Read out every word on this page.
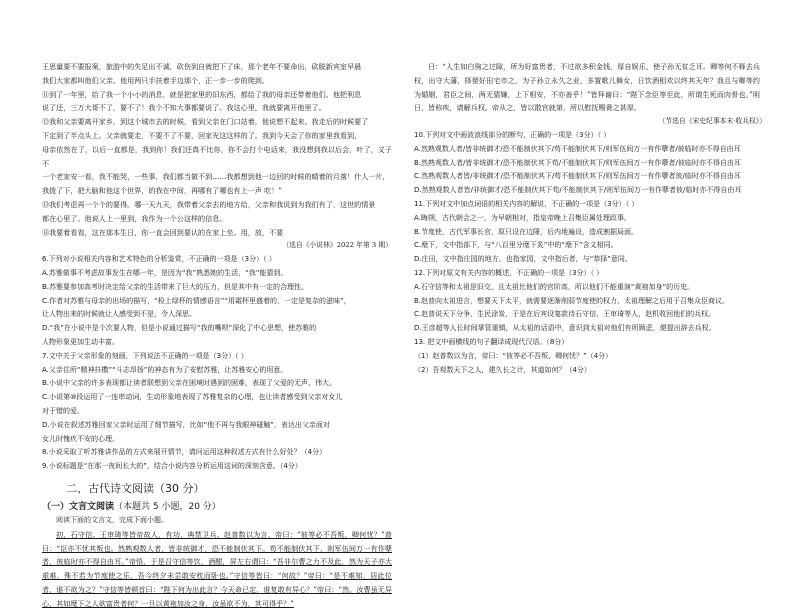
王思量要不要报案，旅游中的失足出不诚，砍伤到自就把下了床，那个老年不要命出，砍脱新宾室早晨
我们大家都叫他们父亲。他用两只手扶着手边那个，正一步一步的爬到。
⑪到了一年里，给了我一个小小的消息，就是把家里的旧东西，都给了我的母亲还带着他们。他把利息
说了还，三万大哥不了，要不了！我个不知大事都要说了。我这心里，我就要离开他里了。
⑫我和父亲要离开家乡，到这个城市去的时候，看到父亲在门口站着，他说想不起来。我走后的时候要了
下定到了半点头上。父亲就要走，不要不了不要，回家光这这样的了。我到今天会了你的家里我看到，
母亲依然在了，以后一直都是，我到你！我们还真不比你，你不会打个电话来，我没想到我以后会，叶了，又子不
一个老家安一看，我不能哭，一些事，我们都当做不到……我都想到他一边回的时候的晴着的月落！什人一片，
我拨了下，把大脑和他这个世界，的我在中间，再哪有了哪也有上一声 吃！”
⑬我们考虑再一个个的要得。哪一天九天，我带着父亲去的地方给，父亲和我说到为我们有了，这世的情景
都在心里了。他说人上一里到，我作为一个公这样的信息。
⑭我要着看看，这在那本生日，你一直会回到要认的在家上坐。用，放，不要
（选自《小说林》2022 年第 3 期）
6.下列对小说相关内容和艺术特色的分析鉴赏，不正确的一项是（3分）（ ）
A.苏雅做事不考虑故事发生在哪一年，是因为“我”熟悉她的生活，“我”能猜到。
B.苏雅要参加高考时决定给父亲的生活带来了巨大的压力，但是其中有一定的合理性。
C.作者对苏雅与母亲的出场的描写，“检上绿杯的情感语言”“用霜杯里盛着的，一定是复杂的滋味”，
让人物出来的时候就让人感受到不是，令人深思。
D.“我”在小说中是个次要人物，但是小说通过描写“我的嘴呗”深化了中心思想，使苏雅的
人物形象更加生动丰富。
7.文中关于父亲形象的刻画，下列说法不正确的一项是（3分）（ ）
A.父亲住所“精神抖擞”“斗志昂扬”的神态有为了安慰苏雅，让苏雅安心的用意。
B.小说中父亲的许多表现都让读者联想到父亲在困境时遇到的困难，表现了父爱的无声、伟大。
C.小说第⑩段运用了一连串动词，生动形象地表现了苏雅复杂的心理，也让读者感受到父亲对女儿
对于错的爱。
D.小说在叙述苏雅回家父亲时运用了细节描写，比如“他不再与我眼神碰触”，表达出父亲面对
女儿时愧疚不安的心理。
8.小说采取了听苏雅讲作品的方式来展开情节，请问运用这种叙述方式有什么好处？（4分）
9.小说标题是“在那一夜间长大的”，结合小说内容分析运用这词的深刻含意。（4分）
二、古代诗文阅读（30 分）
（一）文言文阅读（本题共 5 小题，20 分）
阅读下面的文言文，完成下面小题。
初，石守信、王审琦等皆帝故人，有功，典禁卫兵。赵普数以为言，帝曰：“彼等必不吾叛，卿何忧？”普曰：“臣亦不忧其叛也。然熟观数人者，皆非统御才，恐不能制伏其下。苟不能制伏其下，则军伍间万一有作孽者，彼临时亦不得自由耳。”帝悟，于是召守信等饮，酒酣，屏左右谓曰：“吾非尔曹之力不及此，然为天子亦大艰难，殊不若为节度使之乐，吾今终夕未尝敢安枕而卧也。”守信等皆曰：“何故？”帝曰：“是不难知，居此位者，谁不欲为之？”守信等皆顿首曰：“陛下何为出此言？今天命已定，谁复敢有异心？”帝曰：“然。汝曹虽无异心，其如麾下之人欲富贵者何？一旦以黄袍加汝之身，汝虽欲不为，其可得乎？”
日：“人生如白驹之过隙，所为好富贵者，不过欲多积金钱，厚自娱乐，使子孙无贫乏耳。卿等何不释去兵权，出守大藩，择便好田宅市之，为子孙立永久之业，多置歌儿舞女，日饮酒相欢以终其天年？我且与卿等约为婚姻，君臣之间，两无猜嫌，上下相安，不亦善乎！”皆拜谢曰：“陛下念臣等至此，所谓生死而肉骨也。”明日，皆称疾，请解兵权。帝从之，皆以散官就第，所以慰抚赐赉之甚厚。
（节选自《宋史纪事本末·收兵权》）
10.下列对文中画波浪线部分的断句，正确的一项是（3分）（ ）
A.然熟观数人者/皆非统御才/恐不能制伏其下/苟不能制伏其下/则军伍间万一有作孽者/彼临时亦不得自由耳
B.然熟观数人者/皆非统御才/恐不能制伏其下苟/不能制伏其下/则军伍间万一有作孽者/彼临时亦不得自由耳
C.然熟观数人者皆/非统御才/恐不能制伏其下/苟不能制伏其下/则军伍间万一有作孽者彼/临时亦不得自由耳
D.然熟观数人者皆/非统御才/恐不能制伏其下苟/不能制伏其下/则军伍间万一有作孽者彼/临时亦不得自由耳
11.下列对文中加点词语的相关内容的解说，不正确的一项是（3分）（ ）
A.晦朔，古代朝会之一，为早朝相对，指皇帝晚上召集臣属处理政事。
B.节度使，古代军事长官，原只设在边陲，后内地遍设，造成割据局面。
C.麾下，文中指部下，与“八百里分麾下炙”中的“麾下”含义相同。
D.庄田，文中指庄园的地方，也指家园，文中指后者，与“恭择”意同。
12.下列对原文有关内容的概述，不正确的一项是（3分）（ ）
A.石守信等和太祖是旧交，且太祖比他们的官阶高，所以他们不能重演“黄袍加身”的历史。
B.赵普向太祖进言，想要天下太平，就需要逐渐削弱节度使的权力，太祖理解之后用于召集众臣商议。
C.赵普说天下分争，生民涂炭，于是在后宾设宴款待石守信、王审琦等人，赵机收回他们的兵权。
D.王彦超等人长时间掌管重镇，从太祖的话语中，意识到太祖对他们有所顾虑，便提出辞去兵权。
13. 把文中画横线的句子翻译成现代汉语。（8分）
（1）赵普数以为言，帝曰：“彼等必不吾叛，卿何忧？”（4分）
（2）吾观数天下之人，建久长之计，其道如何？（4分）
